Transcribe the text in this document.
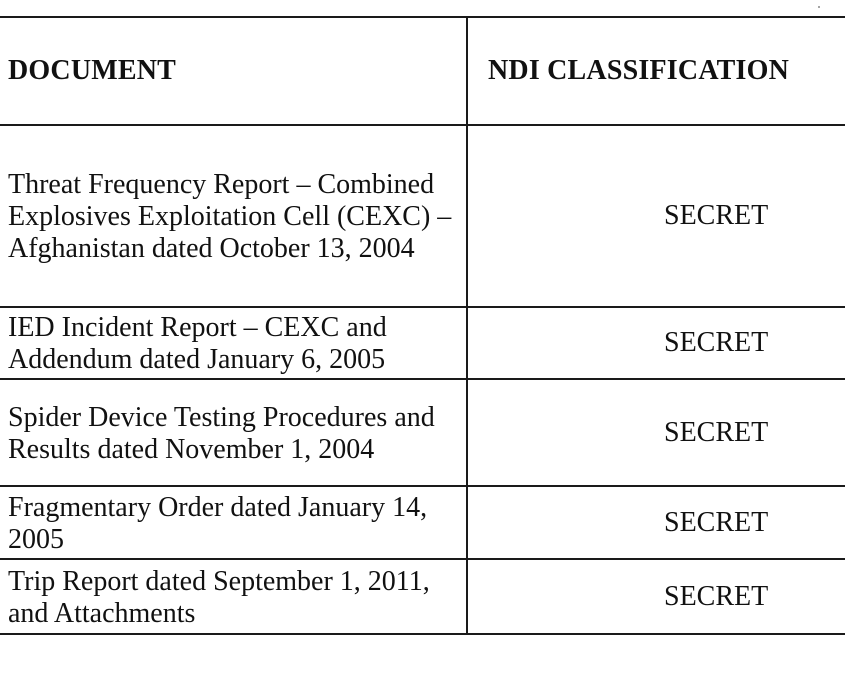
DOCUMENT	NDI CLASSIFICATION
Threat Frequency Report – Combined Explosives Exploitation Cell (CEXC) – Afghanistan dated October 13, 2004	SECRET
IED Incident Report – CEXC and Addendum dated January 6, 2005	SECRET
Spider Device Testing Procedures and Results dated November 1, 2004	SECRET
Fragmentary Order dated January 14, 2005	SECRET
Trip Report dated September 1, 2011, and Attachments	SECRET
